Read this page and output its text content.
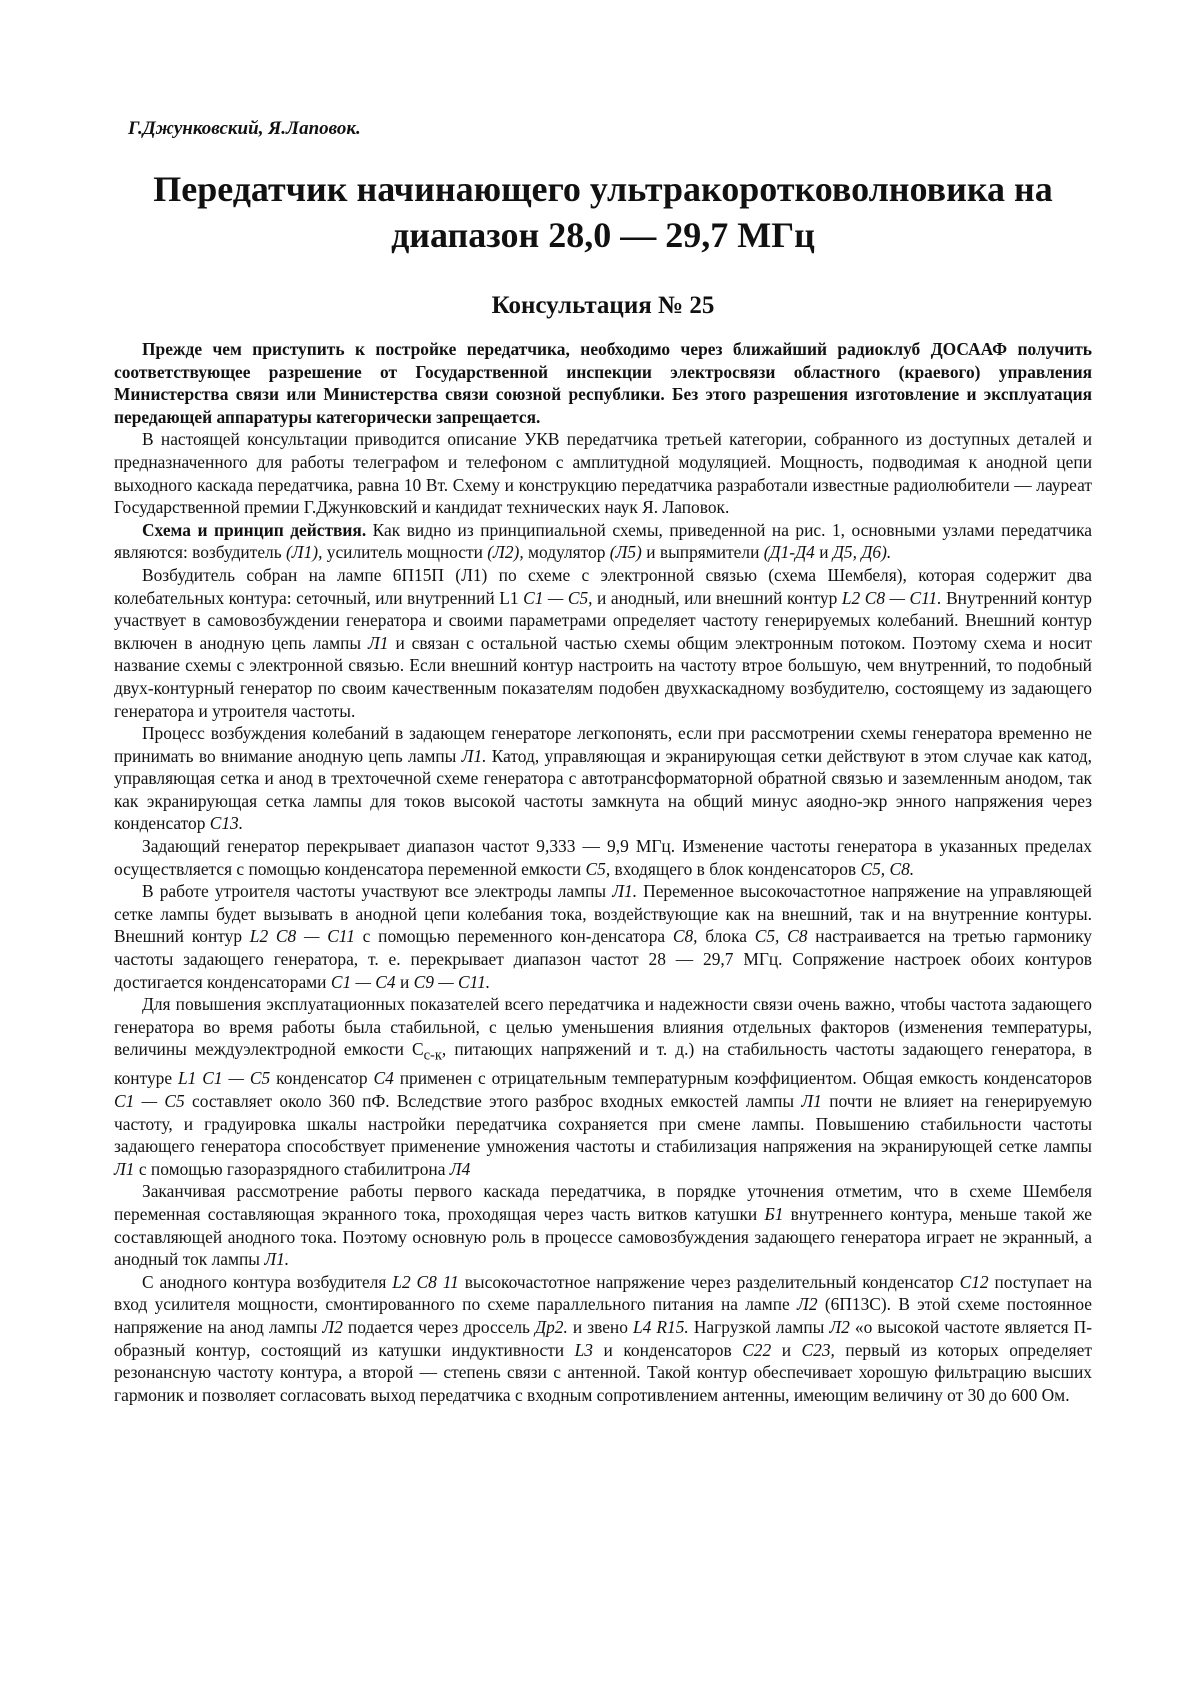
Г.Джунковский, Я.Лаповок.
Передатчик начинающего ультракоротковолновика на
диапазон 28,0 — 29,7 МГц
Консультация № 25

Прежде чем приступить к постройке передатчика, необходимо через ближайший радиоклуб ДОСААФ получить соответствующее разрешение от Государственной инспекции электросвязи областного (краевого) управления Министерства связи или Министерства связи союзной республики. Без этого разрешения изготовление и эксплуатация передающей аппаратуры категорически запрещается.

В настоящей консультации приводится описание УКВ передатчика третьей категории, собранного из доступных деталей и предназначенного для работы телеграфом и телефоном с амплитудной модуляцией. Мощность, подводимая к анодной цепи выходного каскада передатчика, равна 10 Вт. Схему и конструкцию передатчика разработали известные радиолюбители — лауреат Государственной премии Г.Джунковский и кандидат технических наук Я. Лаповок.

Схема и принцип действия. Как видно из принципиальной схемы, приведенной на рис. 1, основными узлами передатчика являются: возбудитель (Л1), усилитель мощности (Л2), модулятор (Л5) и выпрямители (Д1-Д4 и Д5, Д6).

Возбудитель собран на лампе 6П15П (Л1) по схеме с электронной связью (схема Шембеля), которая содержит два колебательных контура: сеточный, или внутренний L1 С1 — С5, и анодный, или внешний контур L2 С8 — С11. Внутренний контур участвует в самовозбуждении генератора и своими параметрами определяет частоту генерируемых колебаний. Внешний контур включен в анодную цепь лампы Л1 и связан с остальной частью схемы общим электронным потоком. Поэтому схема и носит название схемы с электронной связью. Если внешний контур настроить на частоту втрое большую, чем внутренний, то подобный двух-контурный генератор по своим качественным показателям подобен двухкаскадному возбудителю, состоящему из задающего генератора и утроителя частоты.

Процесс возбуждения колебаний в задающем генераторе легкопонять, если при рассмотрении схемы генератора временно не принимать во внимание анодную цепь лампы Л1. Катод, управляющая и экранирующая сетки действуют в этом случае как катод, управляющая сетка и анод в трехточечной схеме генератора с автотрансформаторной обратной связью и заземленным анодом, так как экранирующая сетка лампы для токов высокой частоты замкнута на общий минус аяодно-экр энного напряжения через конденсатор С13.

Задающий генератор перекрывает диапазон частот 9,333 — 9,9 МГц. Изменение частоты генератора в указанных пределах осуществляется с помощью конденсатора переменной емкости С5, входящего в блок конденсаторов С5, С8.

В работе утроителя частоты участвуют все электроды лампы Л1. Переменное высокочастотное напряжение на управляющей сетке лампы будет вызывать в анодной цепи колебания тока, воздействующие как на внешний, так и на внутренние контуры. Внешний контур L2 С8 — С11 с помощью переменного кон-денсатора С8, блока С5, С8 настраивается на третью гармонику частоты задающего генератора, т. е. перекрывает диапазон частот 28 — 29,7 МГц. Сопряжение настроек обоих контуров достигается конденсаторами С1 — С4 и С9 — С11.

Для повышения эксплуатационных показателей всего передатчика и надежности связи очень важно, чтобы частота задающего генератора во время работы была стабильной, с целью уменьшения влияния отдельных факторов (изменения температуры, величины междуэлектродной емкости $С_{с-к}$, питающих напряжений и т. д.) на стабильность частоты задающего генератора, в контуре L1 С1 — С5 конденсатор С4 применен с отрицательным температурным коэффициентом. Общая емкость конденсаторов С1 — С5 составляет около 360 пФ. Вследствие этого разброс входных емкостей лампы Л1 почти не влияет на генерируемую частоту, и градуировка шкалы настройки передатчика сохраняется при смене лампы. Повышению стабильности частоты задающего генератора способствует применение умножения частоты и стабилизация напряжения на экранирующей сетке лампы Л1 с помощью газоразрядного стабилитрона Л4

Заканчивая рассмотрение работы первого каскада передатчика, в порядке уточнения отметим, что в схеме Шембеля переменная составляющая экранного тока, проходящая через часть витков катушки Б1 внутреннего контура, меньше такой же составляющей анодного тока. Поэтому основную роль в процессе самовозбуждения задающего генератора играет не экранный, а анодный ток лампы Л1.

С анодного контура возбудителя L2 С8 11 высокочастотное напряжение через разделительный конденсатор С12 поступает на вход усилителя мощности, смонтированного по схеме параллельного питания на лампе Л2 (6П13С). В этой схеме постоянное напряжение на анод лампы Л2 подается через дроссель Др2. и звено L4 R15. Нагрузкой лампы Л2 «о высокой частоте является П-образный контур, состоящий из катушки индуктивности L3 и конденсаторов С22 и С23, первый из которых определяет резонансную частоту контура, а второй — степень связи с антенной. Такой контур обеспечивает хорошую фильтрацию высших гармоник и позволяет согласовать выход передатчика с входным сопротивлением антенны, имеющим величину от 30 до 600 Ом.
